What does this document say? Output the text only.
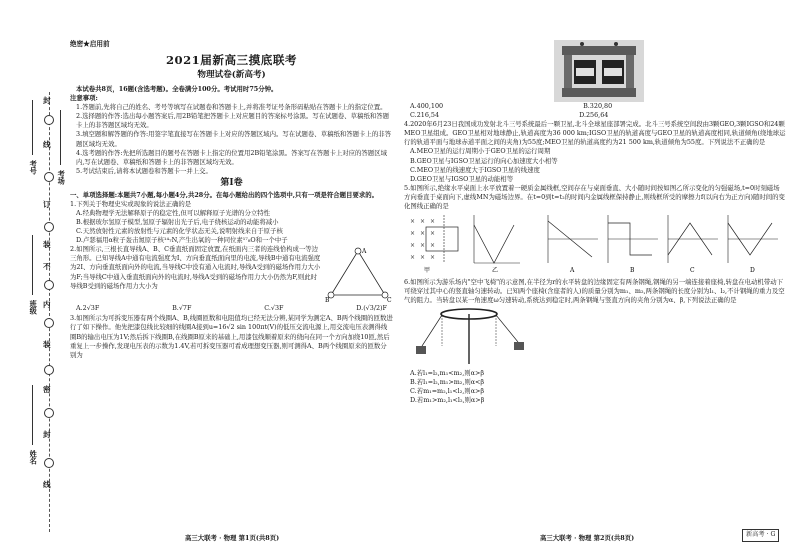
考场
考号
班级
姓名
封
线
订
装
不
内
装
密
封
线
绝密★启用前
2021届新高三摸底联考
物理试卷(新高考)

本试卷共8页，16题(含选考题)。全卷满分100分。考试用时75分钟。

注意事项:

1.答题前,先将自己的姓名、考号等填写在试题卷和答题卡上,并将准考证号条形码粘贴在答题卡上的指定位置。

2.选择题的作答:选出每小题答案后,用2B铅笔把答题卡上对应题目的答案标号涂黑。写在试题卷、草稿纸和答题卡上的非答题区域均无效。

3.填空题和解答题的作答:用签字笔直接写在答题卡上对应的答题区域内。写在试题卷、草稿纸和答题卡上的非答题区域均无效。

4.选考题的作答:先把所选题目的题号在答题卡上指定的位置用2B铅笔涂黑。答案写在答题卡上对应的答题区域内,写在试题卷、草稿纸和答题卡上的非答题区域均无效。

5.考试结束后,请将本试题卷和答题卡一并上交。

第Ⅰ卷

一、单项选择题:本题共7小题,每小题4分,共28分。在每小题给出的四个选项中,只有一项是符合题目要求的。

1.下列关于物理史实或现象的说法正确的是

A.经典物理学无法解释原子的稳定性,但可以解释原子光谱的分立特性

B.根据玻尔氢原子模型,氢原子辐射出光子后,电子绕核运动的动能将减小

C.天然放射性元素的放射性与元素的化学状态无关,说明射线来自于原子核

D.卢瑟福用α粒子轰击氮原子核¹⁴₇N,产生出氧的一种同位素¹⁷₈O和一个中子

2.如图所示,三根长直导线A、B、C垂直纸面固定放置,在纸面内三者的连线恰构成一等边三角形。已知导线A中通有电流强度为I、方向垂直纸面向里的电流,导线B中通有电流强度为2I、方向垂直纸面向外的电流,当导线C中没有通入电流时,导线A受到的磁场作用力大小为F;当导线C中通入垂直纸面向外的电流时,导线A受到的磁场作用力大小仍然为F,则此时导线B受到的磁场作用力大小为

A
B	C
A.2√3F	B.√7F	C.√3F	D.(√3/2)F

3.如图所示为可拆变压器有两个线圈A、B,线圈匝数和电阻值均已经无法分辨,某同学为测定A、B两个线圈的匝数进行了如下操作。他先把漆包线比较细的线圈A接到u=16√2 sin 100πt(V)的低压交流电源上,用交流电压表测得线圈B的输出电压为1V;然后拆下线圈B,在线圈B原来的基础上,用漆包线顺着原来的绕向在同一个方向加绕10匝,然后重复上一步操作,发现电压表的示数为1.4V,若可拆变压器可看成理想变压器,则可测得A、B两个线圈原来的匝数分别为

A.400,100	B.320,80
C.216,54	D.256,64

4.2020年6月23日我国成功发射北斗三号系统最后一颗卫星,北斗全球星座部署完成。北斗三号系统空间段由3颗GEO,3颗IGSO和24颗MEO卫星组成。GEO卫星相对地球静止,轨道高度为36 000 km;IGSO卫星的轨道高度与GEO卫星的轨道高度相同,轨道倾角(绕地球运行的轨道平面与地球赤道平面之间的夹角)为55度;MEO卫星的轨道高度约为21 500 km,轨道倾角为55度。下列说法不正确的是

A.MEO卫星的运行周期小于GEO卫星的运行周期

B.GEO卫星与IGSO卫星运行的向心加速度大小相等

C.MEO卫星的线速度大于IGSO卫星的线速度

D.GEO卫星与IGSO卫星的动能相等

5.如图所示,绝缘水平桌面上水平放置着一硬质金属线框,空间存在与桌面垂直、大小随时间按如图乙所示变化的匀强磁场,t=0时刻磁场方向垂直于桌面向下,虚线MN为磁场边界。在t=0到t=t₂的时间内金属线框保持静止,则线框所受的摩擦力f(以向右为正方向)随时间的变化图线正确的是

× × ×
× × ×
× × ×
× × ×
甲	乙	A	B	C	D

6.如图所示为游乐场内"空中飞椅"的示意图,在半径为r的水平转盘的边缘固定有两条钢绳,钢绳的另一端连接着座椅,转盘在电动机带动下可绕穿过其中心的竖直轴匀速转动。已知两个座椅(含座者的人)的质量分别为m₁、m₂,两条钢绳的长度分别为l₁、l₂,不计钢绳的重力及空气的阻力。当转盘以某一角速度ω匀速转动,系统达到稳定时,两条钢绳与竖直方向的夹角分别为α、β,下列说法正确的是

A.若l₁=l₂,m₁<m₂,则α>β

B.若l₁=l₂,m₁>m₂,则α<β

C.若m₁=m₂,l₁<l₂,则α>β

D.若m₁>m₂,l₁<l₂,则α>β

高三大联考 · 物理 第1页(共8页)	高三大联考 · 物理 第2页(共8页)	新高考 · G
